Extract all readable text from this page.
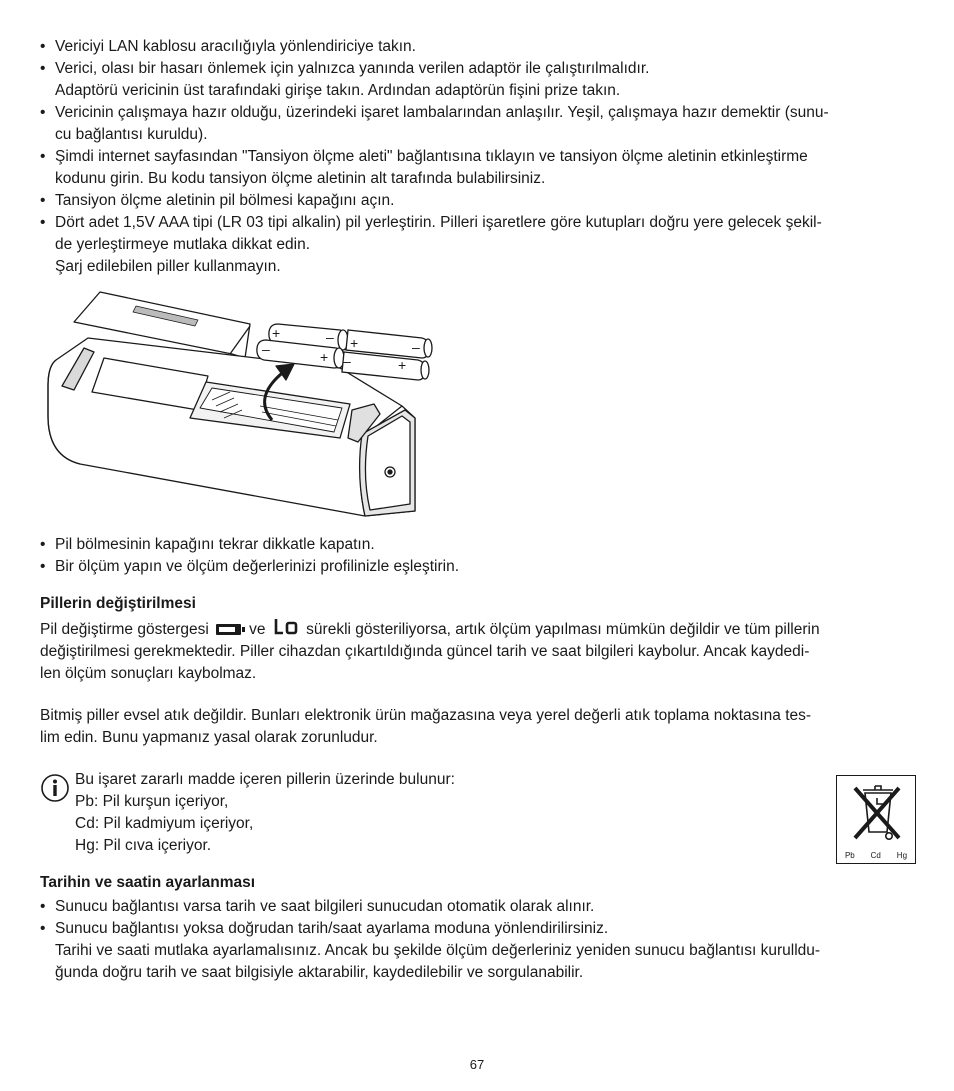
• Vericiyi LAN kablosu aracılığıyla yönlendiriciye takın.
• Verici, olası bir hasarı önlemek için yalnızca yanında verilen adaptör ile çalıştırılmalıdır.
Adaptörü vericinin üst tarafındaki girişe takın. Ardından adaptörün fişini prize takın.
• Vericinin çalışmaya hazır olduğu, üzerindeki işaret lambalarından anlaşılır. Yeşil, çalışmaya hazır demektir (sunu-
cu bağlantısı kuruldu).
• Şimdi internet sayfasından "Tansiyon ölçme aleti" bağlantısına tıklayın ve tansiyon ölçme aletinin etkinleştirme
kodunu girin. Bu kodu tansiyon ölçme aletinin alt tarafında bulabilirsiniz.
• Tansiyon ölçme aletinin pil bölmesi kapağını açın.
• Dört adet 1,5V AAA tipi (LR 03 tipi alkalin) pil yerleştirin. Pilleri işaretlere göre kutupları doğru yere gelecek şekil-
de yerleştirmeye mutlaka dikkat edin.
Şarj edilebilen piller kullanmayın.
+	– +	–
–	+ –	+
• Pil bölmesinin kapağını tekrar dikkatle kapatın.
• Bir ölçüm yapın ve ölçüm değerlerinizi profilinizle eşleştirin.
Pillerin değiştirilmesi
Pil değiştirme göstergesi	ve	sürekli gösteriliyorsa, artık ölçüm yapılması mümkün değildir ve tüm pillerin
değiştirilmesi gerekmektedir. Piller cihazdan çıkartıldığında güncel tarih ve saat bilgileri kaybolur. Ancak kaydedi-
len ölçüm sonuçları kaybolmaz.
Bitmiş piller evsel atık değildir. Bunları elektronik ürün mağazasına veya yerel değerli atık toplama noktasına tes-
lim edin. Bunu yapmanız yasal olarak zorunludur.
Bu işaret zararlı madde içeren pillerin üzerinde bulunur:
Pb: Pil kurşun içeriyor,
Cd: Pil kadmiyum içeriyor,
Hg: Pil cıva içeriyor.
Pb Cd Hg
Tarihin ve saatin ayarlanması
• Sunucu bağlantısı varsa tarih ve saat bilgileri sunucudan otomatik olarak alınır.
• Sunucu bağlantısı yoksa doğrudan tarih/saat ayarlama moduna yönlendirilirsiniz.
Tarihi ve saati mutlaka ayarlamalısınız. Ancak bu şekilde ölçüm değerleriniz yeniden sunucu bağlantısı kurulldu-
ğunda doğru tarih ve saat bilgisiyle aktarabilir, kaydedilebilir ve sorgulanabilir.
67
